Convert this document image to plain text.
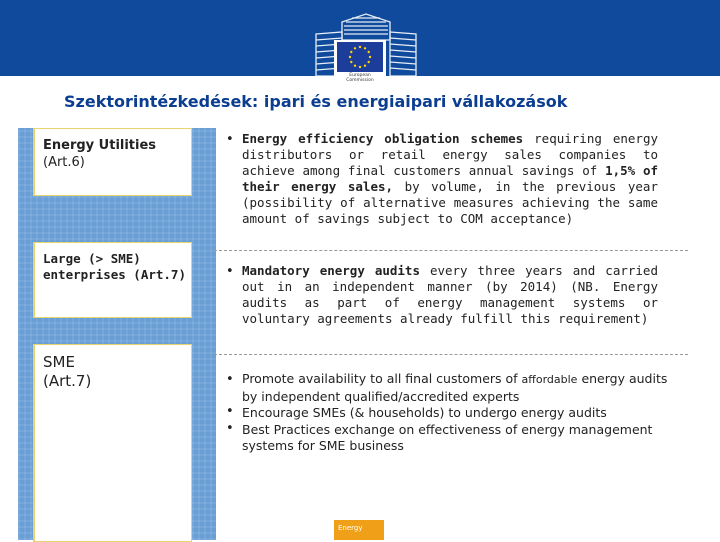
European Commission
Szektorintézkedések: ipari és energiaipari vállakozások
Energy Utilities
(Art.6)
Large (> SME) enterprises (Art.7)
SME
(Art.7)
• Energy efficiency obligation schemes requiring energy distributors or retail energy sales companies to achieve among final customers annual savings of 1,5% of their energy sales, by volume, in the previous year (possibility of alternative measures achieving the same amount of savings subject to COM acceptance)
• Mandatory energy audits every three years and carried out in an independent manner (by 2014) (NB. Energy audits as part of energy management systems or voluntary agreements already fulfill this requirement)
•
•
•
Promote availability to all final customers of affordable energy audits by independent qualified/accredited experts
Encourage SMEs (& households) to undergo energy audits
Best Practices exchange on effectiveness of energy management systems for SME business
Energy
